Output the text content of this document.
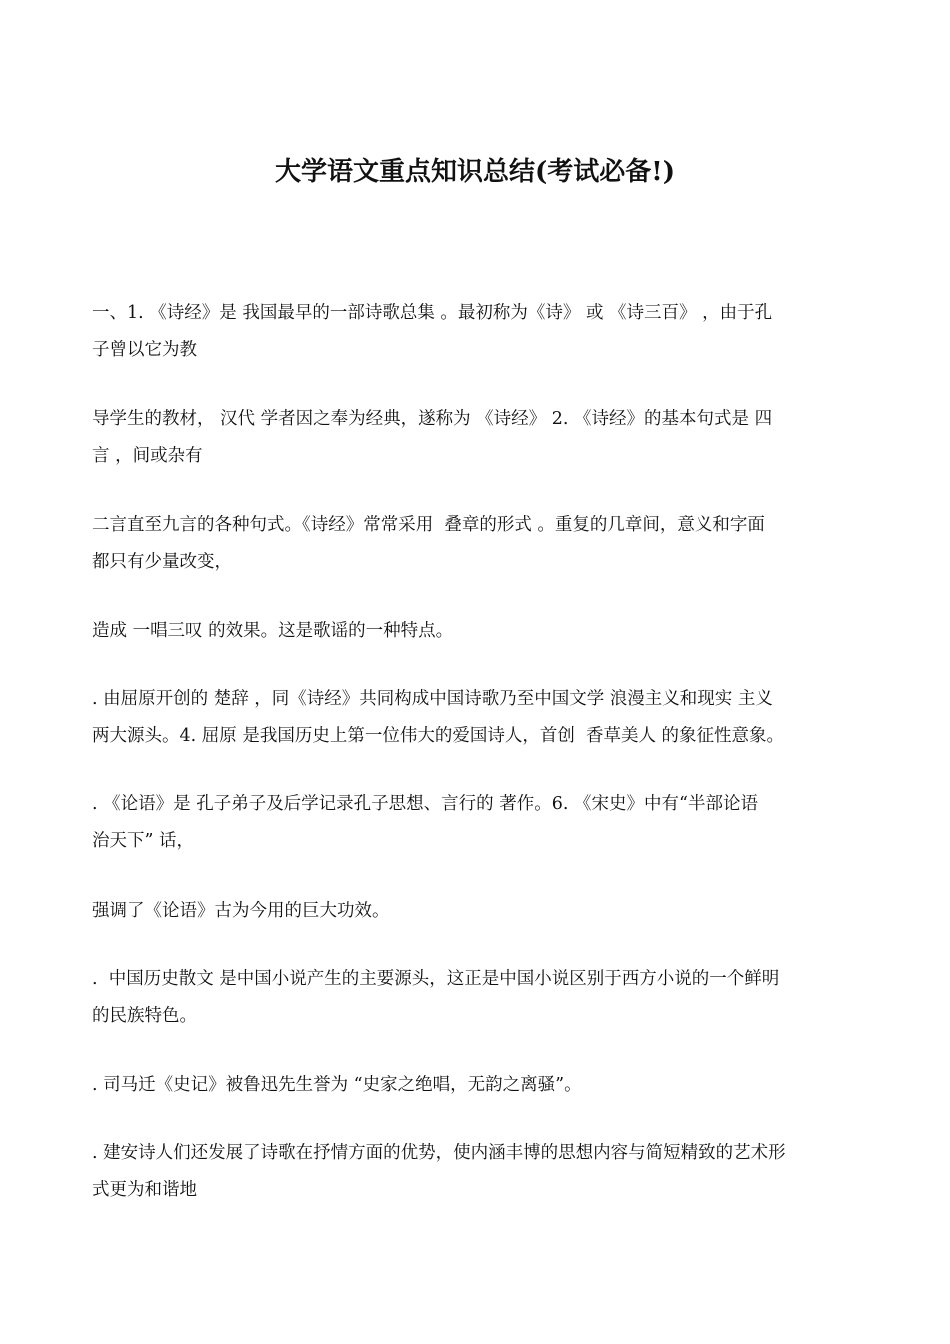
大学语文重点知识总结(考试必备!)

一、1. 《诗经》是 我国最早的一部诗歌总集 。最初称为《诗》 或 《诗三百》 ，由于孔
子曾以它为教

导学生的教材， 汉代 学者因之奉为经典，遂称为 《诗经》 2. 《诗经》的基本句式是 四
言 ，间或杂有

二言直至九言的各种句式。《诗经》常常采用  叠章的形式 。重复的几章间，意义和字面
都只有少量改变，

造成 一唱三叹 的效果。这是歌谣的一种特点。

. 由屈原开创的 楚辞 ，同《诗经》共同构成中国诗歌乃至中国文学 浪漫主义和现实 主义
两大源头。4. 屈原 是我国历史上第一位伟大的爱国诗人，首创  香草美人 的象征性意象。

. 《论语》是 孔子弟子及后学记录孔子思想、言行的 著作。6. 《宋史》中有“半部论语
治天下” 话，

强调了《论语》古为今用的巨大功效。

.  中国历史散文 是中国小说产生的主要源头，这正是中国小说区别于西方小说的一个鲜明
的民族特色。

. 司马迁《史记》被鲁迅先生誉为 “史家之绝唱，无韵之离骚”。

. 建安诗人们还发展了诗歌在抒情方面的优势，使内涵丰博的思想内容与简短精致的艺术形
式更为和谐地
